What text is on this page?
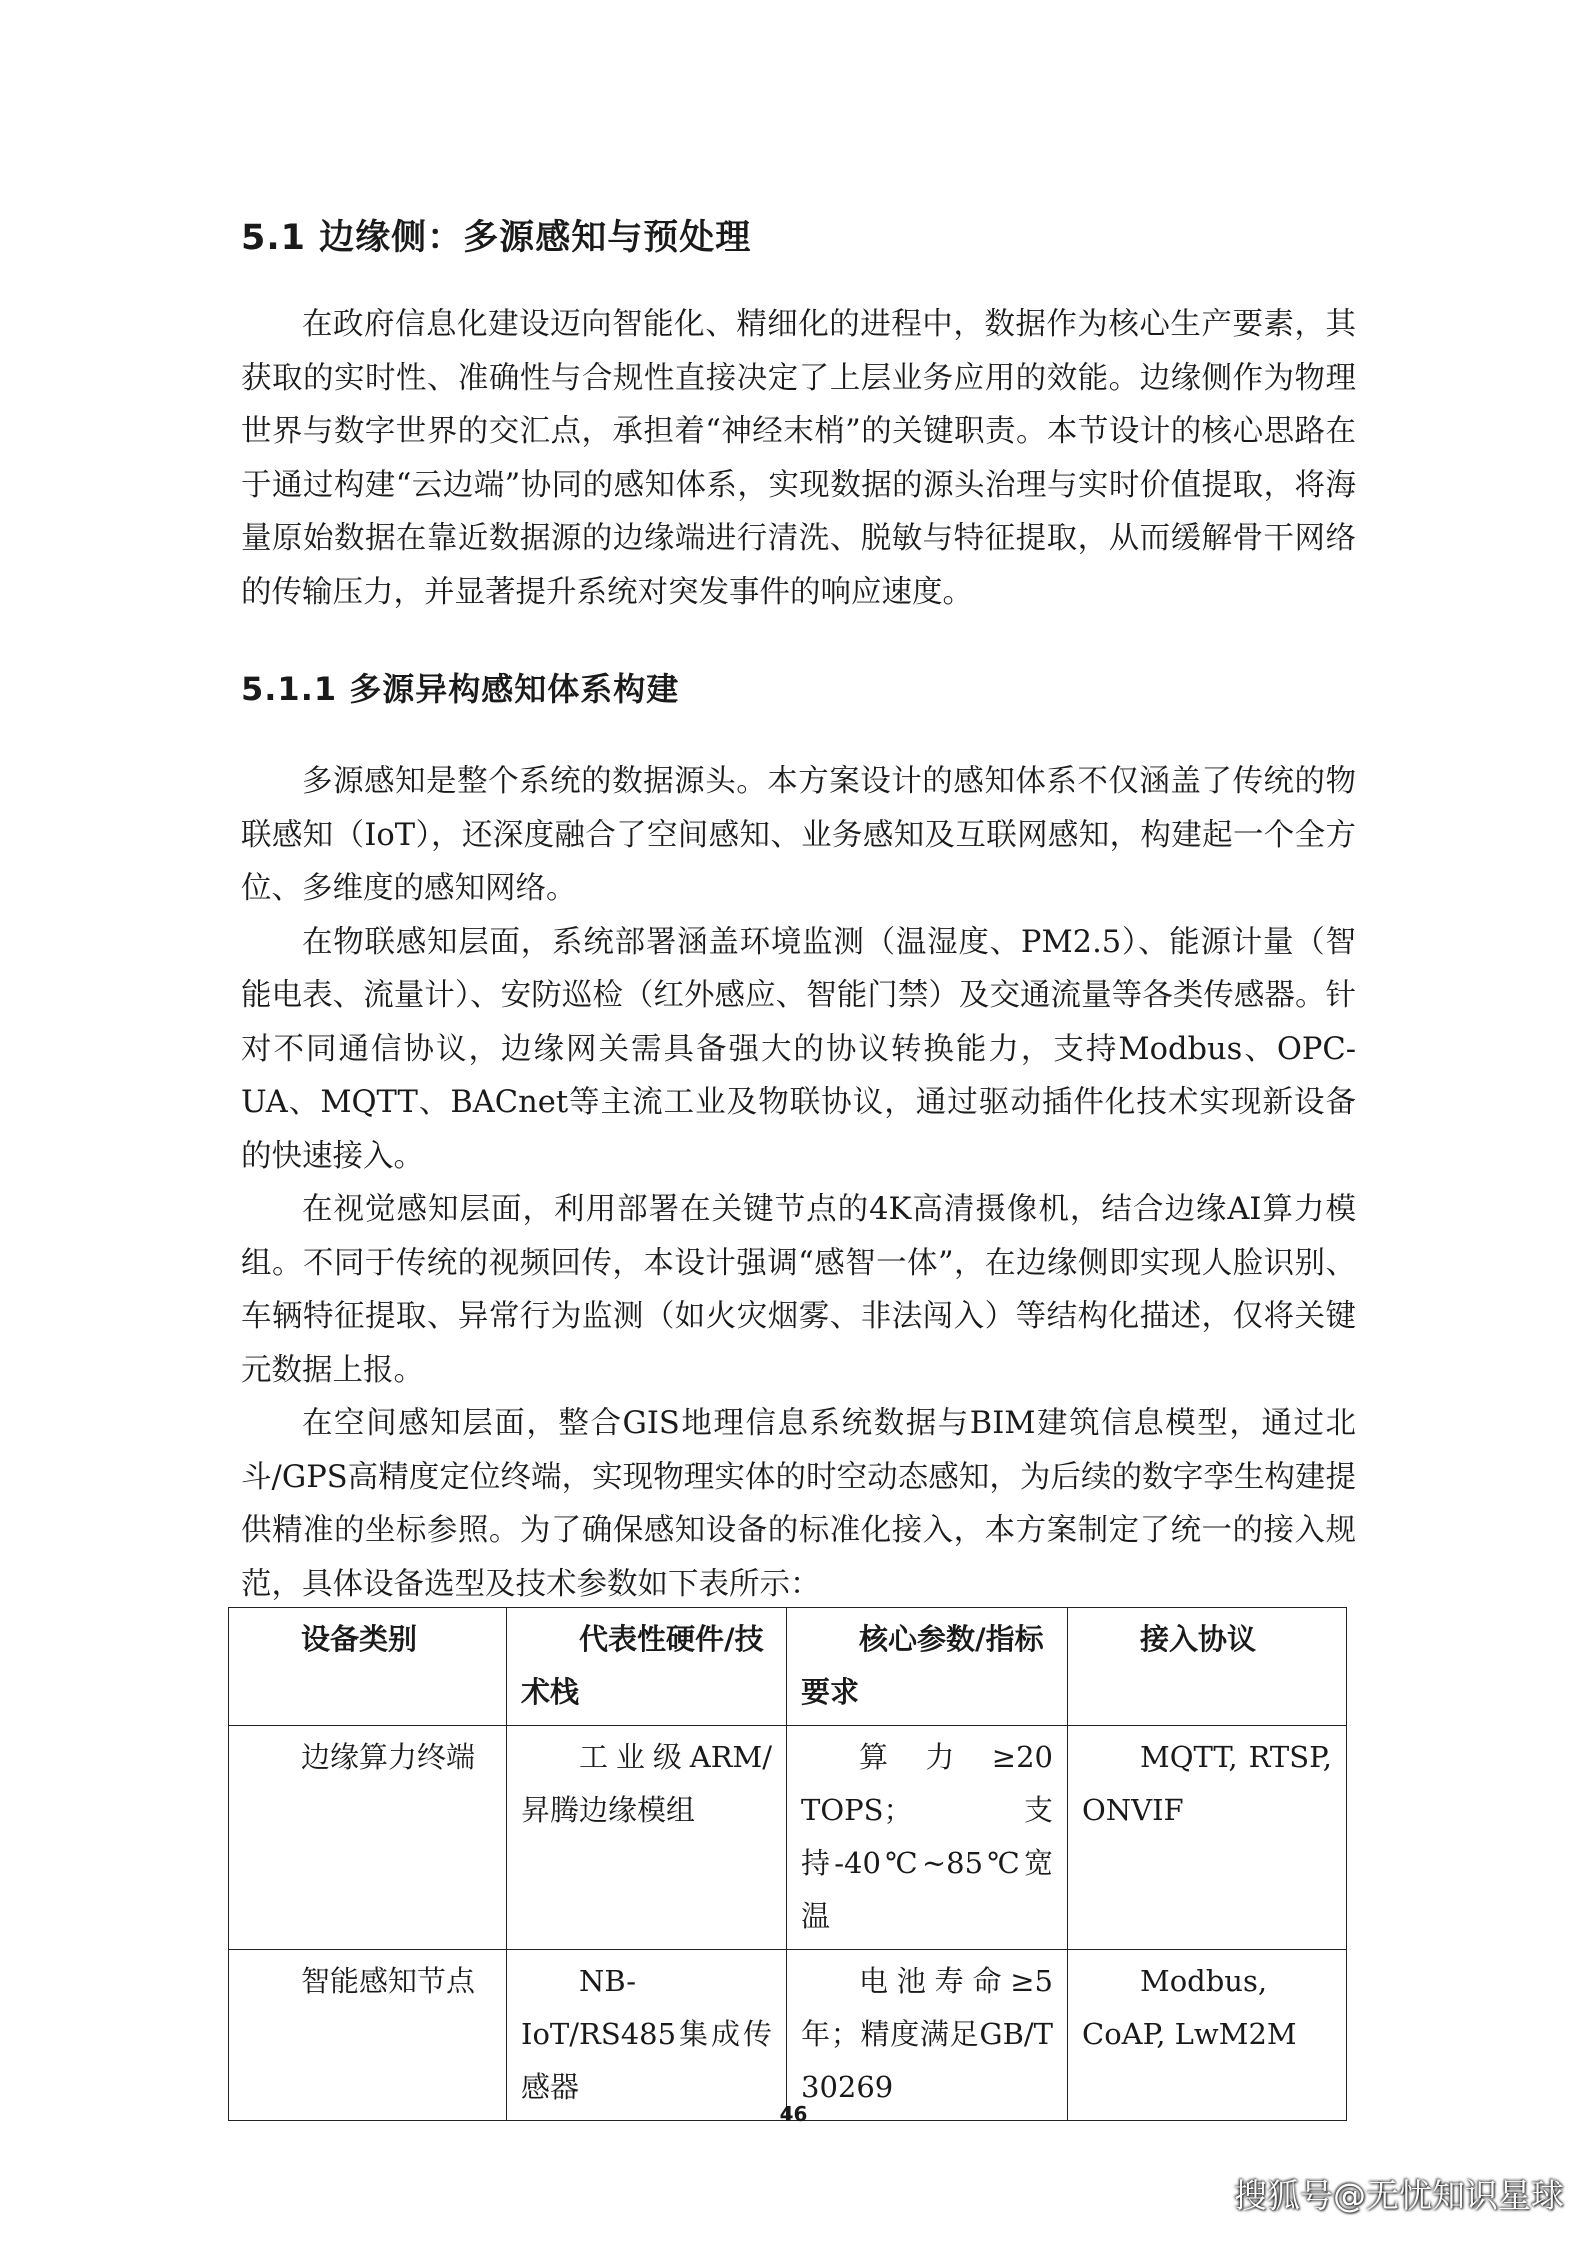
5.1 边缘侧：多源感知与预处理

在政府信息化建设迈向智能化、精细化的进程中，数据作为核心生产要素，其获取的实时性、准确性与合规性直接决定了上层业务应用的效能。边缘侧作为物理世界与数字世界的交汇点，承担着“神经末梢”的关键职责。本节设计的核心思路在于通过构建“云边端”协同的感知体系，实现数据的源头治理与实时价值提取，将海量原始数据在靠近数据源的边缘端进行清洗、脱敏与特征提取，从而缓解骨干网络的传输压力，并显著提升系统对突发事件的响应速度。

5.1.1 多源异构感知体系构建

多源感知是整个系统的数据源头。本方案设计的感知体系不仅涵盖了传统的物联感知（IoT），还深度融合了空间感知、业务感知及互联网感知，构建起一个全方位、多维度的感知网络。

在物联感知层面，系统部署涵盖环境监测（温湿度、PM2.5）、能源计量（智能电表、流量计）、安防巡检（红外感应、智能门禁）及交通流量等各类传感器。针对不同通信协议，边缘网关需具备强大的协议转换能力，支持Modbus、OPC-UA、MQTT、BACnet等主流工业及物联协议，通过驱动插件化技术实现新设备的快速接入。

在视觉感知层面，利用部署在关键节点的4K高清摄像机，结合边缘AI算力模组。不同于传统的视频回传，本设计强调“感智一体”，在边缘侧即实现人脸识别、车辆特征提取、异常行为监测（如火灾烟雾、非法闯入）等结构化描述，仅将关键元数据上报。

在空间感知层面，整合GIS地理信息系统数据与BIM建筑信息模型，通过北斗/GPS高精度定位终端，实现物理实体的时空动态感知，为后续的数字孪生构建提供精准的坐标参照。为了确保感知设备的标准化接入，本方案制定了统一的接入规范，具体设备选型及技术参数如下表所示：

设备类别	代表性硬件/技术栈	核心参数/指标要求	接入协议
边缘算力终端	工业级ARM/昇腾边缘模组	算力≥20 TOPS；支持-40℃~85℃宽温	MQTT, RTSP, ONVIF
智能感知节点	NB-IoT/RS485集成传感器	电池寿命≥5年；精度满足GB/T 30269	Modbus, CoAP, LwM2M
46
搜狐号@无忧知识星球
